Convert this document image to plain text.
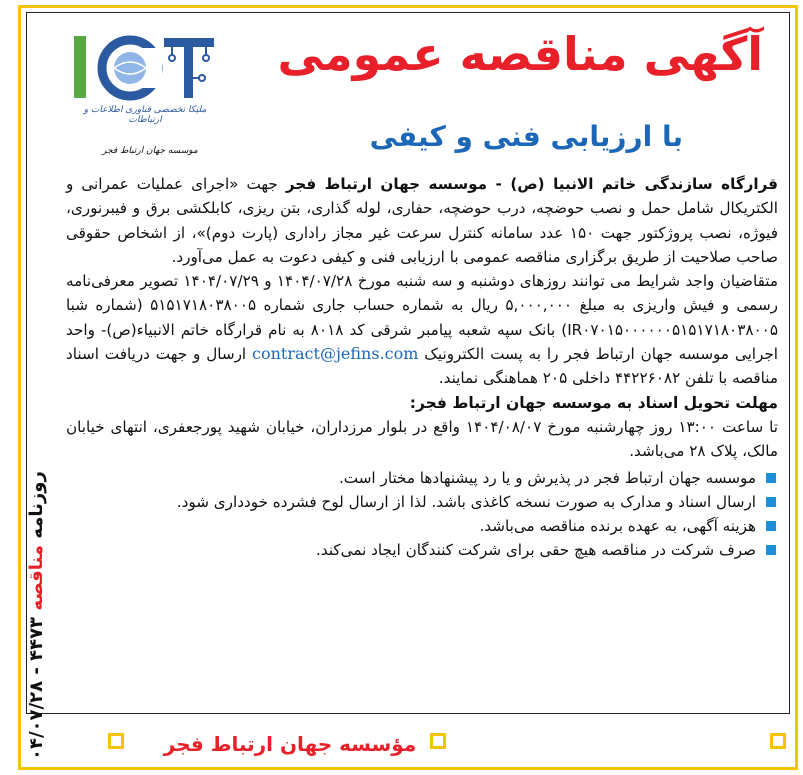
ملیکا تخصصی فناوری اطلاعات و ارتباطات
موسسه جهان ارتباط فجر
آگهی مناقصه عمومی
با ارزیابی فنی و کیفی

قرارگاه سازندگی خاتم الانبیا (ص) - موسسه جهان ارتباط فجر جهت «اجرای عملیات عمرانی و الکتریکال شامل حمل و نصب حوضچه، درب حوضچه، حفاری، لوله گذاری، بتن ریزی، کابلکشی برق و فیبرنوری، فیوژه، نصب پروژکتور جهت ۱۵۰ عدد سامانه کنترل سرعت غیر مجاز راداری (پارت دوم)»، از اشخاص حقوقی صاحب صلاحیت از طریق برگزاری مناقصه عمومی با ارزیابی فنی و کیفی دعوت به عمل می‌آورد.

متقاضیان واجد شرایط می توانند روزهای دوشنبه و سه شنبه مورخ ۱۴۰۴/۰۷/۲۸ و ۱۴۰۴/۰۷/۲۹ تصویر معرفی‌نامه رسمی و فیش واریزی به مبلغ ۵,۰۰۰,۰۰۰ ریال به شماره حساب جاری شماره ۵۱۵۱۷۱۸۰۳۸۰۰۵ (شماره شبا IR۰۷۰۱۵۰۰۰۰۰۰۵۱۵۱۷۱۸۰۳۸۰۰۵) بانک سپه شعبه پیامبر شرقی کد ۸۰۱۸ به نام قرارگاه خاتم الانبیاء(ص)- واحد اجرایی موسسه جهان ارتباط فجر را به پست الکترونیک contract@jefins.com ارسال و جهت دریافت اسناد مناقصه با تلفن ۴۴۲۲۶۰۸۲ داخلی ۲۰۵ هماهنگی نمایند.

مهلت تحویل اسناد به موسسه جهان ارتباط فجر:

تا ساعت ۱۳:۰۰ روز چهارشنبه مورخ ۱۴۰۴/۰۸/۰۷ واقع در بلوار مرزداران، خیابان شهید پورجعفری، انتهای خیابان مالک، پلاک ۲۸ می‌باشد.

موسسه جهان ارتباط فجر در پذیرش و یا رد پیشنهادها مختار است.
ارسال اسناد و مدارک به صورت نسخه کاغذی باشد. لذا از ارسال لوح فشرده خودداری شود.
هزینه آگهی، به عهده برنده مناقصه می‌باشد.
صرف شرکت در مناقصه هیچ حقی برای شرکت کنندگان ایجاد نمی‌کند.
مؤسسه جهان ارتباط فجر
روزنامه مناقصه ۴۴۷۳ - ۰۴/۰۷/۲۸
